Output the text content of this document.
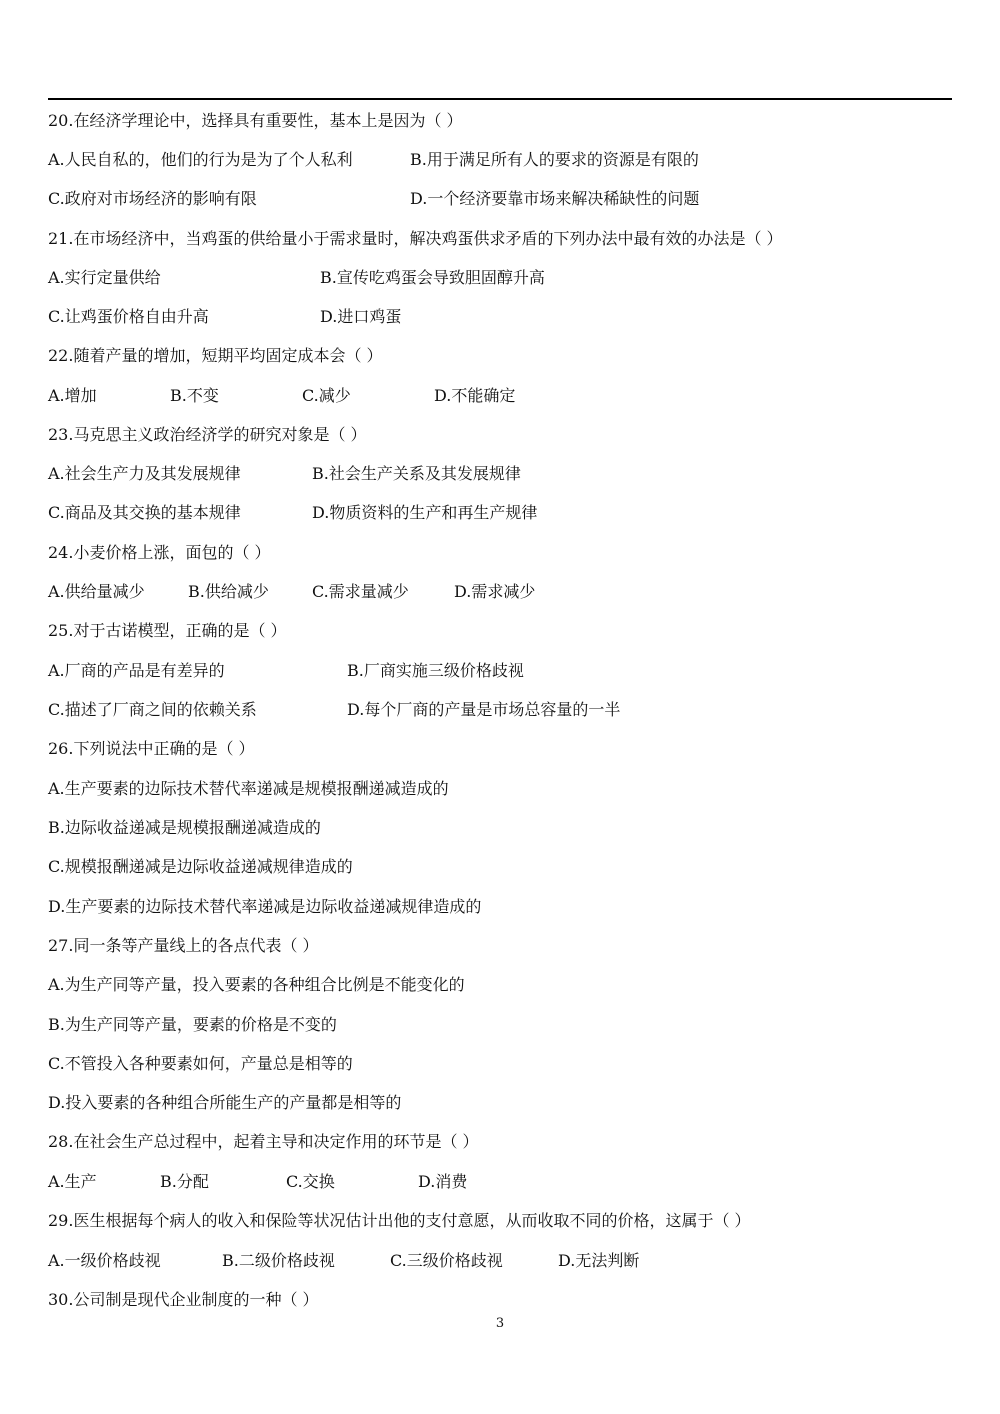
20.在经济学理论中，选择具有重要性，基本上是因为（ ）
A.人民自私的，他们的行为是为了个人私利	B.用于满足所有人的要求的资源是有限的
C.政府对市场经济的影响有限	D.一个经济要靠市场来解决稀缺性的问题
21.在市场经济中，当鸡蛋的供给量小于需求量时，解决鸡蛋供求矛盾的下列办法中最有效的办法是（ ）
A.实行定量供给	B.宣传吃鸡蛋会导致胆固醇升高
C.让鸡蛋价格自由升高	D.进口鸡蛋
22.随着产量的增加，短期平均固定成本会（ ）
A.增加	B.不变	C.减少	D.不能确定
23.马克思主义政治经济学的研究对象是（ ）
A.社会生产力及其发展规律	B.社会生产关系及其发展规律
C.商品及其交换的基本规律	D.物质资料的生产和再生产规律
24.小麦价格上涨，面包的（ ）
A.供给量减少	B.供给减少	C.需求量减少	D.需求减少
25.对于古诺模型，正确的是（ ）
A.厂商的产品是有差异的	B.厂商实施三级价格歧视
C.描述了厂商之间的依赖关系	D.每个厂商的产量是市场总容量的一半
26.下列说法中正确的是（ ）
A.生产要素的边际技术替代率递减是规模报酬递减造成的
B.边际收益递减是规模报酬递减造成的
C.规模报酬递减是边际收益递减规律造成的
D.生产要素的边际技术替代率递减是边际收益递减规律造成的
27.同一条等产量线上的各点代表（ ）
A.为生产同等产量，投入要素的各种组合比例是不能变化的
B.为生产同等产量，要素的价格是不变的
C.不管投入各种要素如何，产量总是相等的
D.投入要素的各种组合所能生产的产量都是相等的
28.在社会生产总过程中，起着主导和决定作用的环节是（ ）
A.生产	B.分配	C.交换	D.消费
29.医生根据每个病人的收入和保险等状况估计出他的支付意愿，从而收取不同的价格，这属于（ ）
A.一级价格歧视	B.二级价格歧视	C.三级价格歧视	D.无法判断
30.公司制是现代企业制度的一种（ ）
3
